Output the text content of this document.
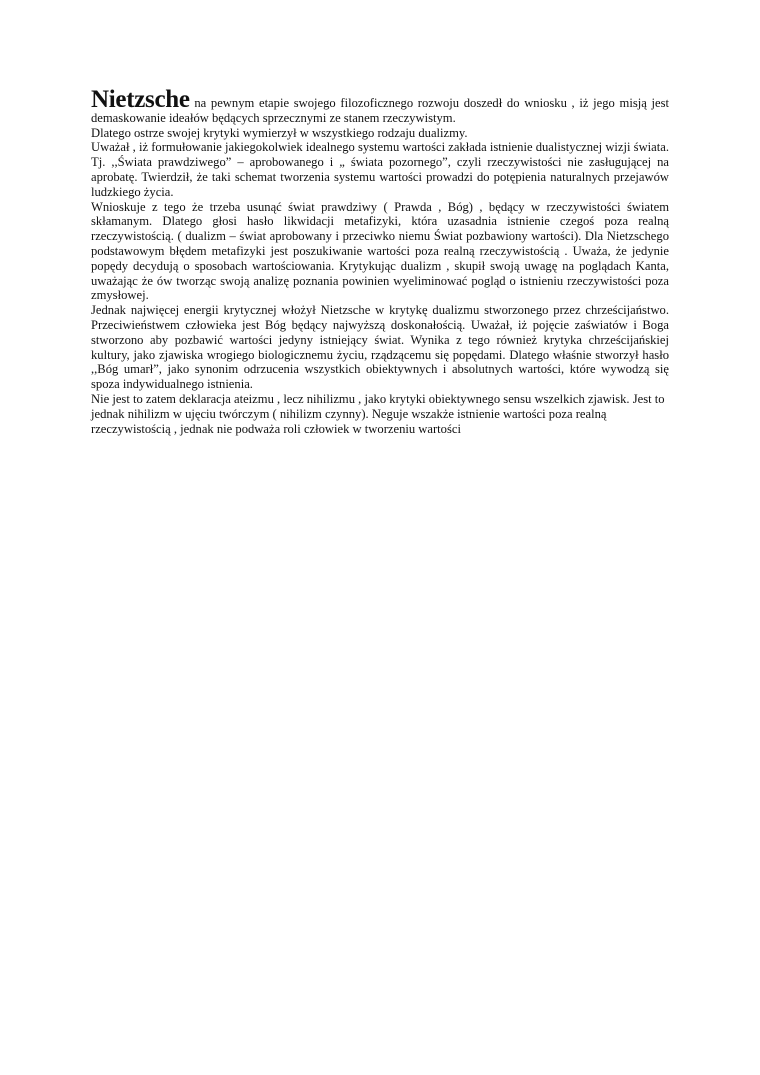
Nietzsche na pewnym etapie swojego filozoficznego rozwoju doszedł do wniosku , iż jego misją jest demaskowanie ideałów będących sprzecznymi ze stanem rzeczywistym.

Dlatego ostrze swojej krytyki wymierzył w wszystkiego rodzaju dualizmy.

Uważał , iż formułowanie jakiegokolwiek idealnego systemu wartości zakłada istnienie dualistycznej wizji świata. Tj. ,,Świata prawdziwego” – aprobowanego i „ świata pozornego”, czyli rzeczywistości nie zasługującej na aprobatę. Twierdził, że taki schemat tworzenia systemu wartości prowadzi do potępienia naturalnych przejawów ludzkiego życia.

Wnioskuje z tego że trzeba usunąć świat prawdziwy ( Prawda , Bóg) , będący w rzeczywistości światem skłamanym. Dlatego głosi hasło likwidacji metafizyki, która uzasadnia istnienie czegoś poza realną rzeczywistością. ( dualizm – świat aprobowany i przeciwko niemu Świat pozbawiony wartości). Dla Nietzschego podstawowym błędem metafizyki jest poszukiwanie wartości poza realną rzeczywistością . Uważa, że jedynie popędy decydują o sposobach wartościowania. Krytykując dualizm , skupił swoją uwagę na poglądach Kanta, uważając że ów tworząc swoją analizę poznania powinien wyeliminować pogląd o istnieniu rzeczywistości poza zmysłowej.

Jednak najwięcej energii krytycznej włożył Nietzsche w krytykę dualizmu stworzonego przez chrześcijaństwo. Przeciwieństwem człowieka jest Bóg będący najwyższą doskonałością. Uważał, iż pojęcie zaświatów i Boga stworzono aby pozbawić wartości jedyny istniejący świat. Wynika z tego również krytyka chrześcijańskiej kultury, jako zjawiska wrogiego biologicznemu życiu, rządzącemu się popędami. Dlatego właśnie stworzył hasło ,,Bóg umarł”, jako synonim odrzucenia wszystkich obiektywnych i absolutnych wartości, które wywodzą się spoza indywidualnego istnienia.

Nie jest to zatem deklaracja ateizmu , lecz nihilizmu , jako krytyki obiektywnego sensu wszelkich zjawisk. Jest to jednak nihilizm w ujęciu twórczym ( nihilizm czynny). Neguje wszakże istnienie wartości poza realną rzeczywistością , jednak nie podważa roli człowiek w tworzeniu wartości
